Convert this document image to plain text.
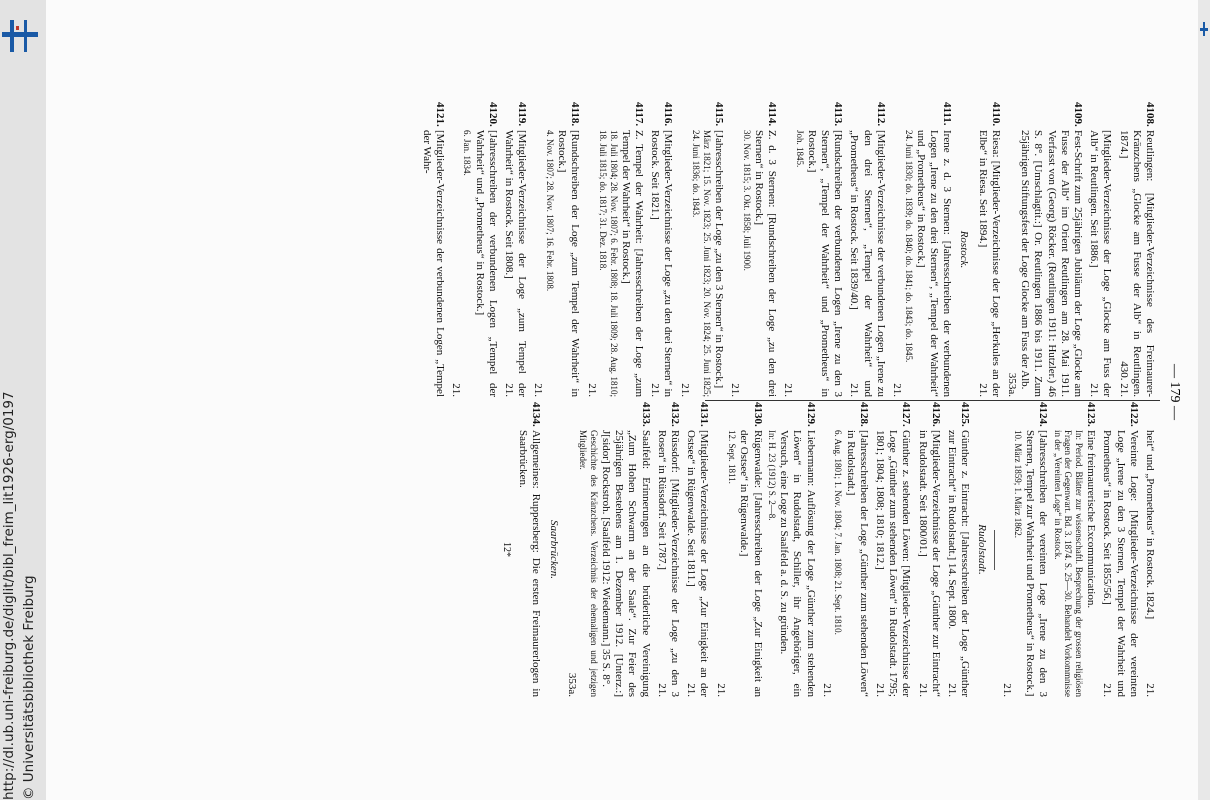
http://dl.ub.uni-freiburg.de/diglit/bibl_freim_lit1926-erg/0197 © Universitätsbibliothek Freiburg
— 179 —
4108.
Reutlingen: [Mitglieder-Verzeichnisse des Freimaurer-Kränzchens „Glocke am Fusse der Alb“ in Reutlingen. 1874.]
430. 21.
[Mitglieder-Verzeichnisse der Loge „Glocke am Fuss der Alb“ in Reutlingen. Seit 1886.]
21.
4109.
Fest-Schrift zum 25jährigen Jubiläum der Loge „Glocke am Fusse der Alb“ im Orient Reutlingen am 28. Mai 1911. Verfasst von (Georg) Röcker. (Reutlingen 1911: Hutzler.) 46 S. 8°. [Umschlagtit.:] Or. Reutlingen 1886 bis 1911. Zum 25jährigen Stiftungsfest der Loge Glocke am Fuss der Alb.
353a.
4110.
Riesa: [Mitglieder-Verzeichnisse der Loge „Herkules an der Elbe“ in Riesa. Seit 1894.]
21.
Rostock.
4111.
Irene z. d. 3 Sternen: [Jahresschreiben der verbundenen Logen „Irene zu den drei Sternen“, „Tempel der Wahrheit“ und „Prometheus“ in Rostock.]
24. Juni 1830; do. 1839; do. 1840; do. 1841; do. 1843; do. 1845.
21.
4112.
[Mitglieder-Verzeichnisse der verbundenen Logen „Irene zu den drei Sternen“, „Tempel der Wahrheit“ und „Prometheus“ in Rostock. Seit 1839/40.]
21.
4113.
[Rundschreiben der verbundenen Logen „Irene zu den 3 Sternen“, „Tempel der Wahrheit“ und „Prometheus“ in Rostock.]
Joh. 1845.
21.
4114.
Z. d. 3 Sternen: [Rundschreiben der Loge „zu den drei Sternen“ in Rostock.]
30. Nov. 1815; 3. Okt. 1858; Juli 1900.
21.
4115.
[Jahresschreiben der Loge „zu den 3 Sternen“ in Rostock.]
März 1821; 15. Nov. 1823; 25. Juni 1823; 20. Nov. 1824; 25. Juni 1825; 24. Juni 1836; do. 1843.
21.
4116.
[Mitglieder-Verzeichnisse der Loge „zu den drei Sternen“ in Rostock. Seit 1821.]
21.
4117.
Z. Tempel der Wahrheit: [Jahresschreiben der Loge „zum Tempel der Wahrheit“ in Rostock.]
18. Juli 1804; 28. Nov. 1807; 6. Febr. 1808; 18. Juli 1809; 28. Aug. 1810; 18. Juli 1815; do. 1817; 31. Dez. 1818.
21.
4118.
[Rundschreiben der Loge „zum Tempel der Wahrheit“ in Rostock.]
4. Nov. 1807; 28. Nov. 1807; 16. Febr. 1808.
21.
4119.
[Mitglieder-Verzeichnisse der Loge „zum Tempel der Wahrheit“ in Rostock. Seit 1808.]
21.
4120.
[Jahresschreiben der verbundenen Logen „Tempel der Wahrheit“ und „Prometheus“ in Rostock.]
6. Jan. 1834.
21.
4121.
[Mitglieder-Verzeichnisse der verbundenen Logen „Tempel der Wahr-
heit“ und „Prometheus“ in Rostock. 1824.]
21.
4122.
Vereinte Loge: [Mitglieder-Verzeichnisse der vereinten Loge „Irene zu den 3 Sternen, Tempel der Wahrheit und Prometheus“ in Rostock. Seit 1855/56.]
21.
4123.
Eine freimaurerische Excommunication.
In: Period. Blätter zur wissenschaftl. Besprechung der grossen religiösen Fragen der Gegenwart. Bd. 3. 1874. S. 25—30. Behandelt Vorkommnisse in der „Vereinten Loge“ in Rostock.
4124.
[Jahresschreiben der vereinten Loge „Irene zu den 3 Sternen, Tempel zur Wahrheit und Prometheus“ in Rostock.]
10. März 1859; 1. März 1862.
21.
Rudolstadt.
4125.
Günther z. Eintracht: [Jahresschreiben der Loge „Günther zur Eintracht“ in Rudolstadt.] 14. Sept. 1800.
21.
4126.
[Mitglieder-Verzeichnisse der Loge „Günther zur Eintracht“ in Rudolstadt. Seit 1800/01.]
21.
4127.
Günther z. stehenden Löwen: [Mitglieder-Verzeichnisse der Loge „Günther zum stehenden Löwen“ in Rudolstadt. 1795; 1801; 1804; 1808; 1810; 1812.]
21.
4128.
[Jahresschreiben der Loge „Günther zum stehenden Löwen“ in Rudolstadt.]
6. Aug. 1801; 1. Nov. 1804; 7. Jan. 1808; 21. Sept. 1810.
21.
4129.
Liebermann: Auflösung der Loge „Günther zum stehenden Löwen“ in Rudolstadt, Schiller, ihr Angehöriger, ein Versuch, eine Loge zu Saalfeld a. d. S. zu gründen.
In: H. 23 (1912) S. 2—8.
4130.
Rügenwalde: [Jahresschreiben der Loge „Zur Einigkeit an der Ostsee“ in Rügenwalde.]
12. Sept. 1811.
21.
4131.
[Mitglieder-Verzeichnisse der Loge „Zur Einigkeit an der Ostsee“ in Rügenwalde. Seit 1811.]
21.
4132.
Rüssdorf: [Mitglieder-Verzeichnisse der Loge „zu den 3 Rosen“ in Rüssdorf. Seit 1787.]
21.
4133.
Saalfeld: Erinnerungen an die brüderliche Vereinigung „Zum Hohen Schwarm an der Saale“. Zur Feier des 25jährigen Bestehens am 1. Dezember 1912. [Unterz.:] J[sidor] Rockstroh. [Saalfeld 1912: Wiedemann.] 35 S. 8°.
Geschichte des Kränzchens. Verzeichnis der ehemaligen und jetzigen Mitglieder.
353a.
Saarbrücken.
4134.
Allgemeines: Ruppersberg: Die ersten Freimaurerlogen in Saarbrücken.
12*
